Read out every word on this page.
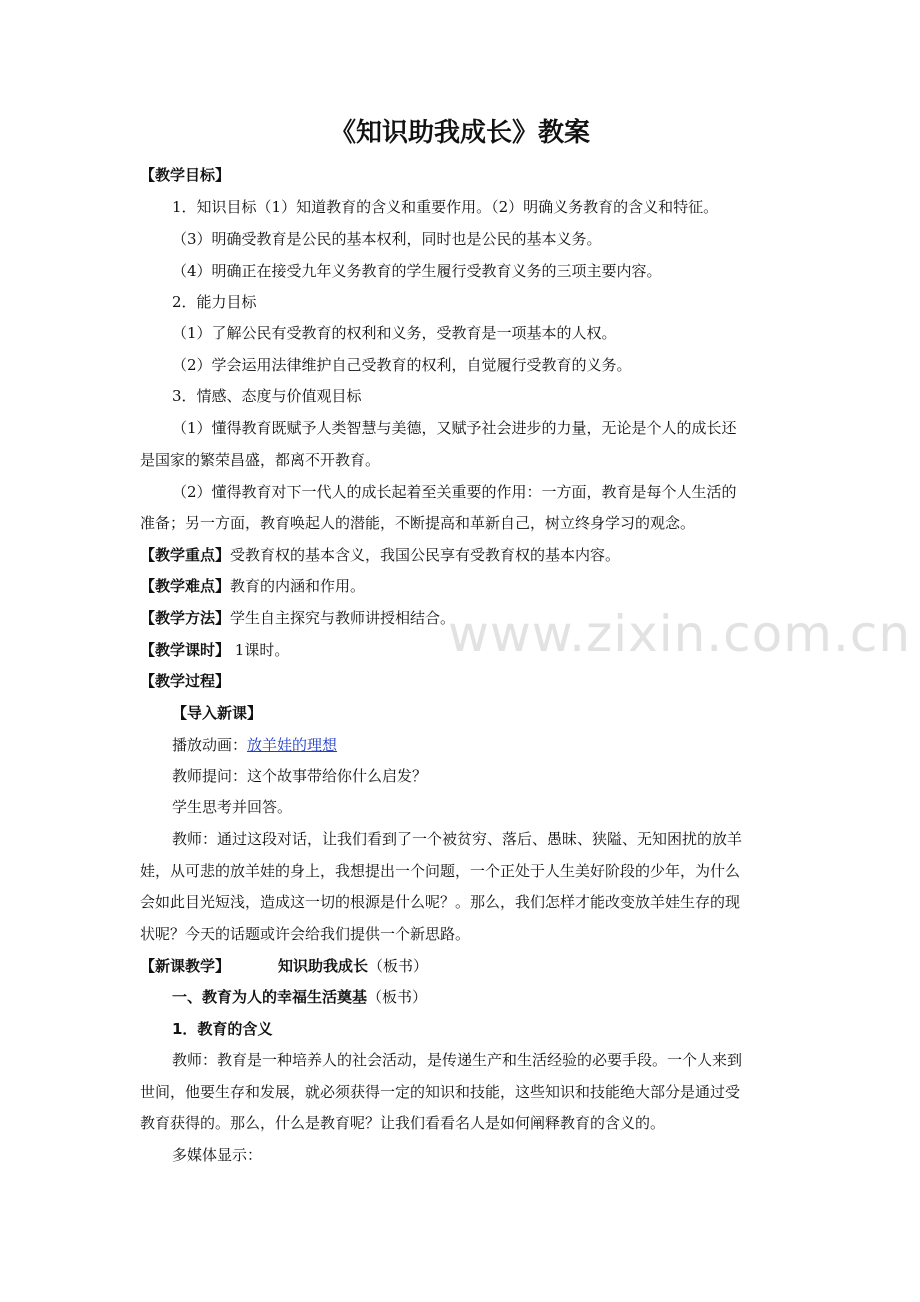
《知识助我成长》教案
www.zixin.com.cn
【教学目标】
1．知识目标（1）知道教育的含义和重要作用。（2）明确义务教育的含义和特征。
（3）明确受教育是公民的基本权利，同时也是公民的基本义务。
（4）明确正在接受九年义务教育的学生履行受教育义务的三项主要内容。
2．能力目标
（1）了解公民有受教育的权利和义务，受教育是一项基本的人权。
（2）学会运用法律维护自己受教育的权利，自觉履行受教育的义务。
3．情感、态度与价值观目标
（1）懂得教育既赋予人类智慧与美德，又赋予社会进步的力量，无论是个人的成长还
是国家的繁荣昌盛，都离不开教育。
（2）懂得教育对下一代人的成长起着至关重要的作用：一方面，教育是每个人生活的
准备；另一方面，教育唤起人的潜能，不断提高和革新自己，树立终身学习的观念。
【教学重点】受教育权的基本含义，我国公民享有受教育权的基本内容。
【教学难点】教育的内涵和作用。
【教学方法】学生自主探究与教师讲授相结合。
【教学课时】 1课时。
【教学过程】
【导入新课】
播放动画：放羊娃的理想
教师提问：这个故事带给你什么启发？
学生思考并回答。
教师：通过这段对话，让我们看到了一个被贫穷、落后、愚昧、狭隘、无知困扰的放羊
娃，从可悲的放羊娃的身上，我想提出一个问题，一个正处于人生美好阶段的少年，为什么
会如此目光短浅，造成这一切的根源是什么呢？。那么，我们怎样才能改变放羊娃生存的现
状呢？今天的话题或许会给我们提供一个新思路。
【新课教学】	知识助我成长（板书）
一、教育为人的幸福生活奠基（板书）
1．教育的含义
教师：教育是一种培养人的社会活动，是传递生产和生活经验的必要手段。一个人来到
世间，他要生存和发展，就必须获得一定的知识和技能，这些知识和技能绝大部分是通过受
教育获得的。那么，什么是教育呢？让我们看看名人是如何阐释教育的含义的。
多媒体显示：
